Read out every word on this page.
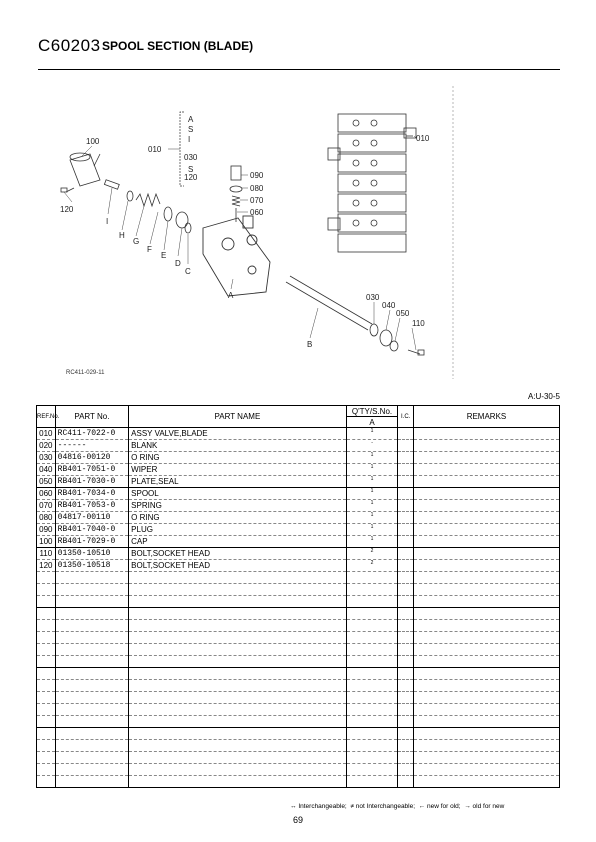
C60203 SPOOL SECTION (BLADE)
A
S
I
S
100
120
I
H
G
F
E
D
C
A
B
010
030
120	090
080
070
060
030
040
050
110
010
RC411-029-11
A:U-30-5
REF.No.	PART No.	PART NAME	Q'TY/S.No.	I.C.	REMARKS
			A		
010	RC411-7022-0	ASSY VALVE,BLADE	1		
020	------	BLANK	-		
030	04816-00120	O RING	1		
040	RB401-7051-0	WIPER	1		
050	RB401-7030-0	PLATE,SEAL	1		
060	RB401-7034-0	SPOOL	1		
070	RB401-7053-0	SPRING	1		
080	04817-00110	O RING	1		
090	RB401-7040-0	PLUG	1		
100	RB401-7029-0	CAP	1		
110	01350-10510	BOLT,SOCKET HEAD	2		
120	01350-10518	BOLT,SOCKET HEAD	2		

↔ Interchangeable; ≠ not Interchangeable; ← new for old; → old for new
69
